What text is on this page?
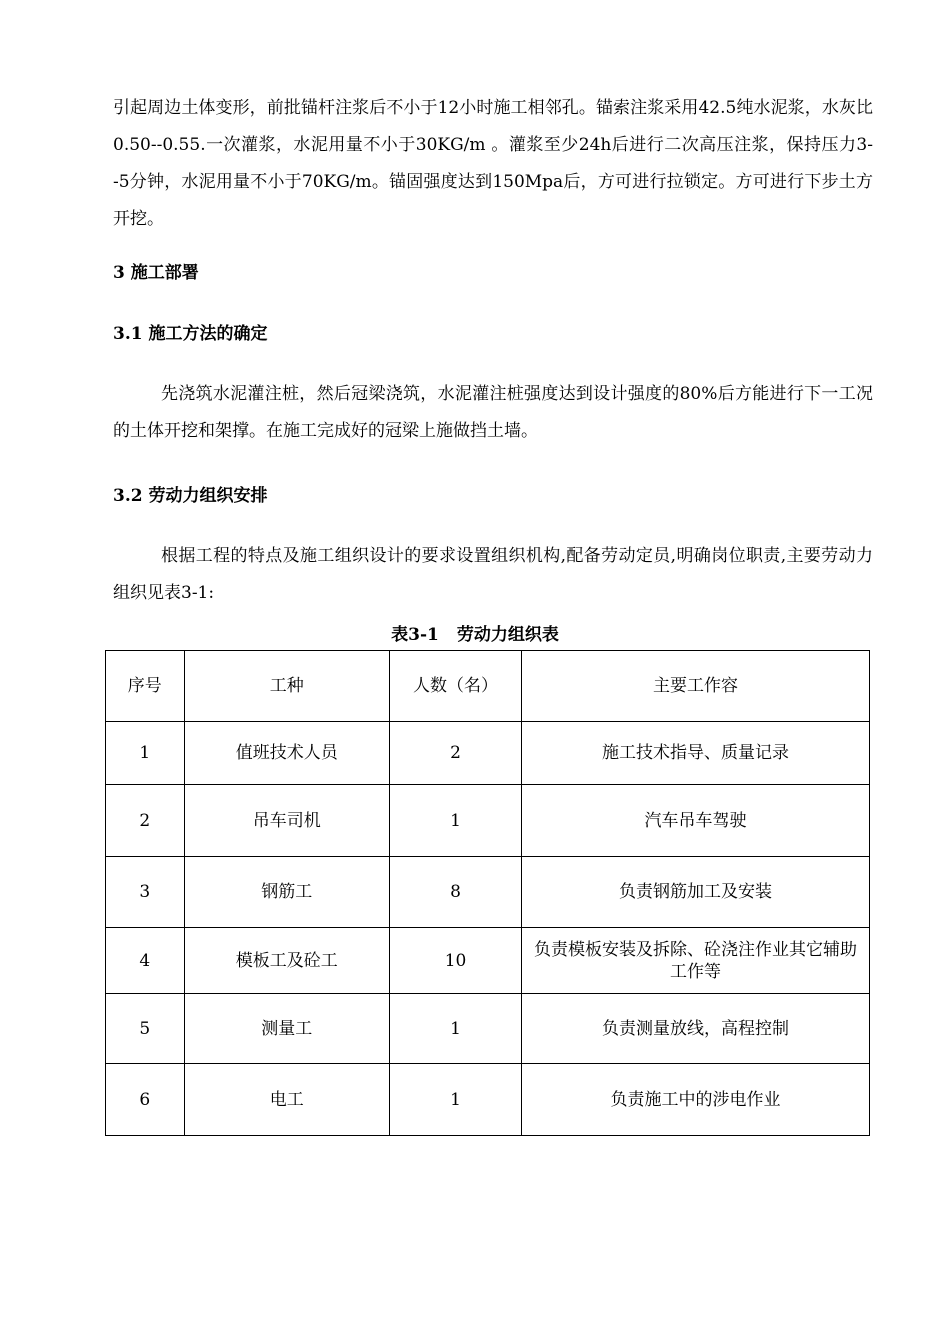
引起周边土体变形，前批锚杆注浆后不小于12小时施工相邻孔。锚索注浆采用42.5纯水泥浆，水灰比0.50--0.55.一次灌浆，水泥用量不小于30KG/m 。灌浆至少24h后进行二次高压注浆，保持压力3--5分钟，水泥用量不小于70KG/m。锚固强度达到150Mpa后，方可进行拉锁定。方可进行下步土方开挖。

3 施工部署
3.1 施工方法的确定

先浇筑水泥灌注桩，然后冠梁浇筑，水泥灌注桩强度达到设计强度的80%后方能进行下一工况的土体开挖和架撑。在施工完成好的冠梁上施做挡土墙。

3.2 劳动力组织安排

根据工程的特点及施工组织设计的要求设置组织机构,配备劳动定员,明确岗位职责,主要劳动力组织见表3-1:

表3-1 劳动力组织表
序号	工种	人数（名）	主要工作容
1	值班技术人员	2	施工技术指导、质量记录
2	吊车司机	1	汽车吊车驾驶
3	钢筋工	8	负责钢筋加工及安装
4	模板工及砼工	10	负责模板安装及拆除、砼浇注作业其它辅助工作等
5	测量工	1	负责测量放线，高程控制
6	电工	1	负责施工中的涉电作业
